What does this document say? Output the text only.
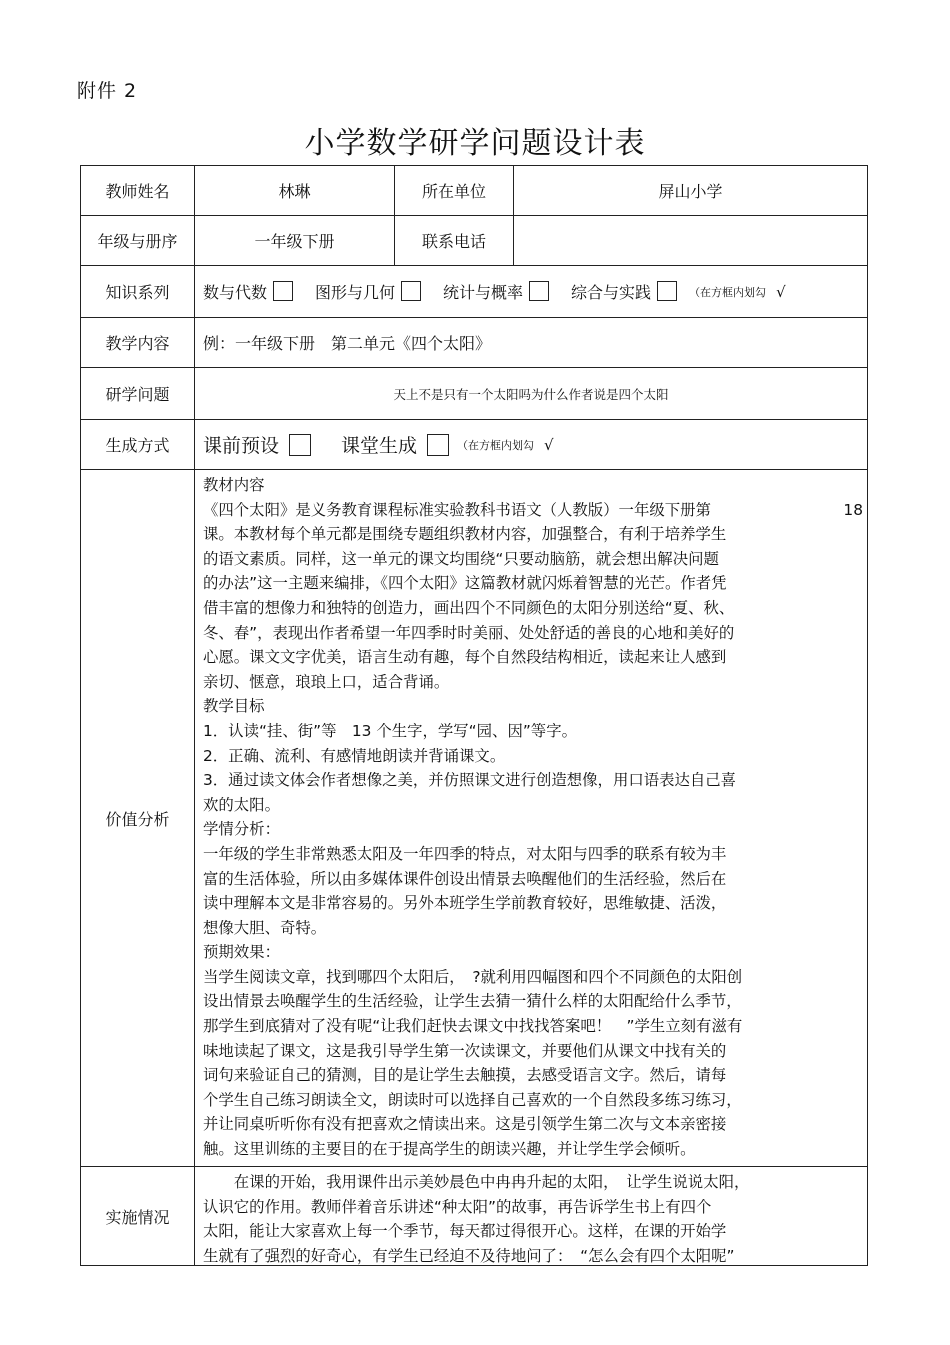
附件 2
小学数学研学问题设计表
教师姓名	林琳	所在单位	屏山小学
年级与册序	一年级下册	联系电话
知识系列	数与代数	图形与几何	统计与概率	综合与实践	（在方框内划勾 √
教学内容	例：一年级下册　第二单元《四个太阳》
研学问题	天上不是只有一个太阳吗为什么作者说是四个太阳
生成方式	课前预设	课堂生成	（在方框内划勾 √
价值分析
教材内容
《四个太阳》是义务教育课程标准实验教科书语文（人教版）一年级下册第	18
课。本教材每个单元都是围绕专题组织教材内容，加强整合，有利于培养学生
的语文素质。同样，这一单元的课文均围绕“只要动脑筋，就会想出解决问题
的办法”这一主题来编排，《四个太阳》这篇教材就闪烁着智慧的光芒。作者凭
借丰富的想像力和独特的创造力，画出四个不同颜色的太阳分别送给“夏、秋、
冬、春”，表现出作者希望一年四季时时美丽、处处舒适的善良的心地和美好的
心愿。课文文字优美，语言生动有趣，每个自然段结构相近，读起来让人感到
亲切、惬意，琅琅上口，适合背诵。
教学目标
1．认读“挂、街”等　13 个生字，学写“园、因”等字。
2．正确、流利、有感情地朗读并背诵课文。
3．通过读文体会作者想像之美，并仿照课文进行创造想像，用口语表达自己喜
欢的太阳。
学情分析：
一年级的学生非常熟悉太阳及一年四季的特点，对太阳与四季的联系有较为丰
富的生活体验，所以由多媒体课件创设出情景去唤醒他们的生活经验，然后在
读中理解本文是非常容易的。另外本班学生学前教育较好，思维敏捷、活泼，
想像大胆、奇特。
预期效果：
当学生阅读文章，找到哪四个太阳后，　?就利用四幅图和四个不同颜色的太阳创
设出情景去唤醒学生的生活经验，让学生去猜一猜什么样的太阳配给什么季节，
那学生到底猜对了没有呢“让我们赶快去课文中找找答案吧！　”学生立刻有滋有
味地读起了课文，这是我引导学生第一次读课文，并要他们从课文中找有关的
词句来验证自己的猜测，目的是让学生去触摸，去感受语言文字。然后，请每
个学生自己练习朗读全文，朗读时可以选择自己喜欢的一个自然段多练习练习，
并让同桌听听你有没有把喜欢之情读出来。这是引领学生第二次与文本亲密接
触。这里训练的主要目的在于提高学生的朗读兴趣，并让学生学会倾听。
实施情况
　　在课的开始，我用课件出示美妙晨色中冉冉升起的太阳，　让学生说说太阳，
认识它的作用。教师伴着音乐讲述“种太阳”的故事，再告诉学生书上有四个
太阳，能让大家喜欢上每一个季节，每天都过得很开心。这样，在课的开始学
生就有了强烈的好奇心，有学生已经迫不及待地问了：　“怎么会有四个太阳呢”
